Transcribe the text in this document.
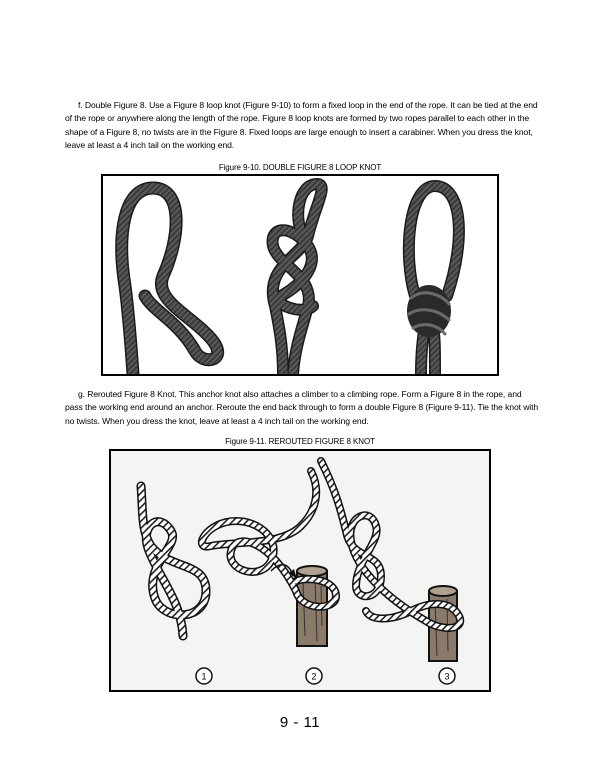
f. Double Figure 8. Use a Figure 8 loop knot (Figure 9-10) to form a fixed loop in the end of the rope. It can be tied at the end of the rope or anywhere along the length of the rope. Figure 8 loop knots are formed by two ropes parallel to each other in the shape of a Figure 8, no twists are in the Figure 8. Fixed loops are large enough to insert a carabiner. When you dress the knot, leave at least a 4 inch tail on the working end.
Figure 9-10. DOUBLE FIGURE 8 LOOP KNOT
g. Rerouted Figure 8 Knot. This anchor knot also attaches a climber to a climbing rope. Form a Figure 8 in the rope, and pass the working end around an anchor. Reroute the end back through to form a double Figure 8 (Figure 9-11). Tie the knot with no twists. When you dress the knot, leave at least a 4 inch tail on the working end.
Figure 9-11. REROUTED FIGURE 8 KNOT
1	2	3
9 - 11
